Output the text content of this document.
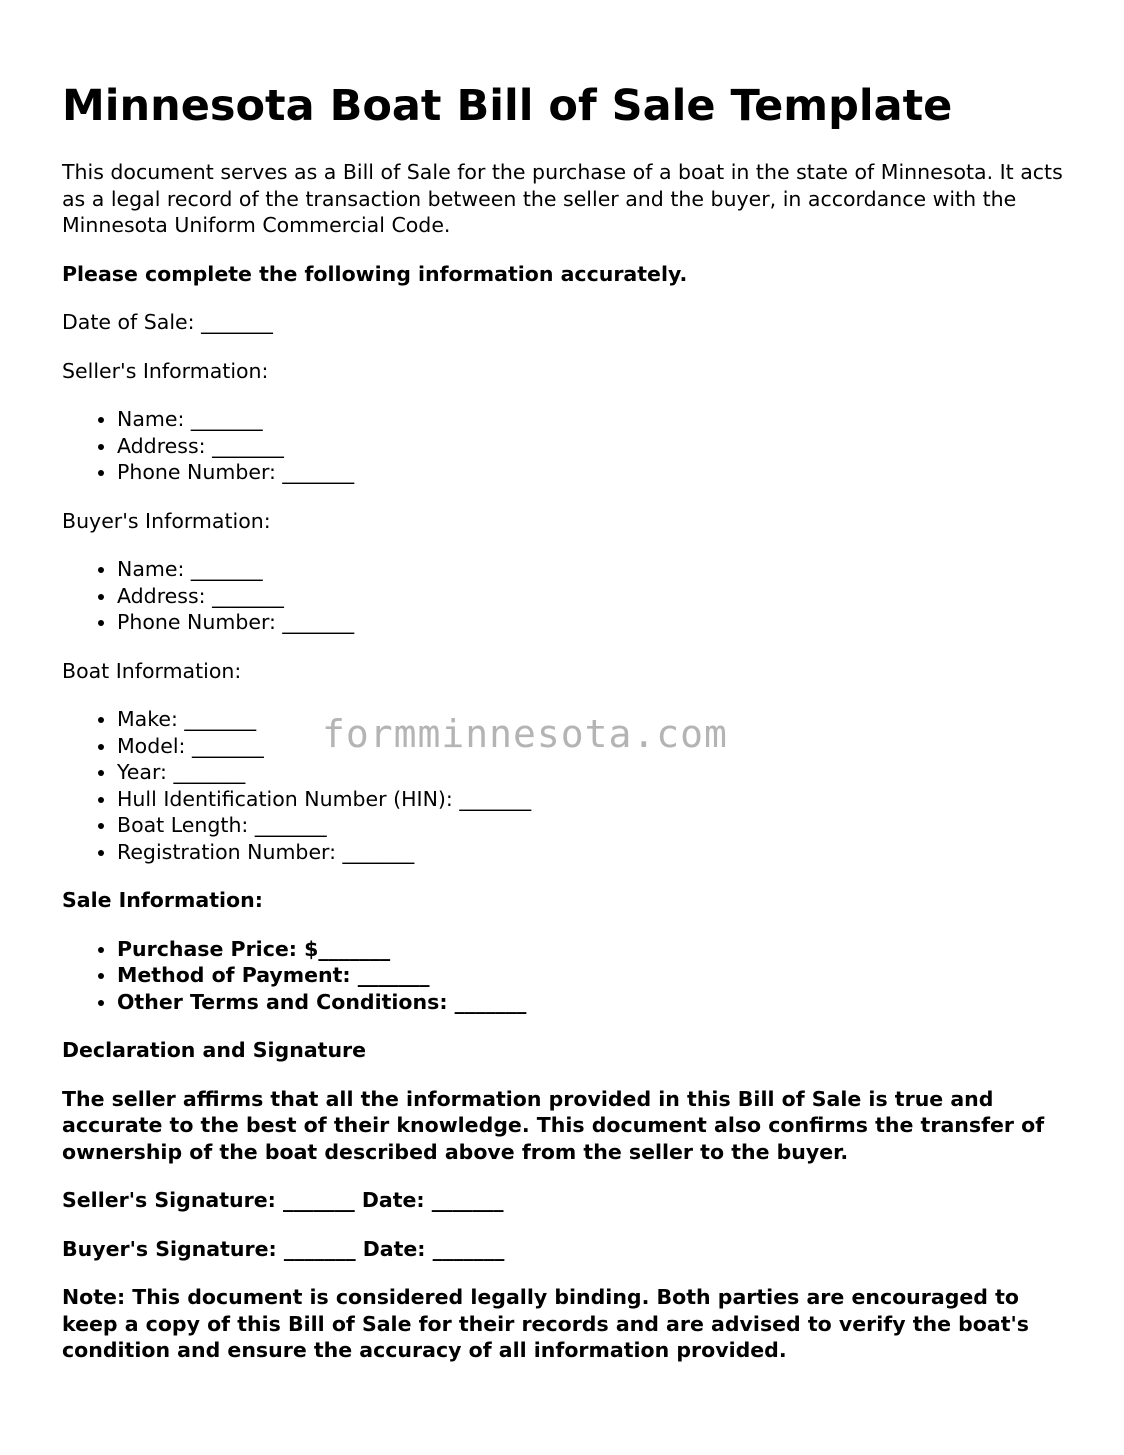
Minnesota Boat Bill of Sale Template

This document serves as a Bill of Sale for the purchase of a boat in the state of Minnesota. It acts as a legal record of the transaction between the seller and the buyer, in accordance with the Minnesota Uniform Commercial Code.

Please complete the following information accurately.

Date of Sale: _______

Seller's Information:

• Name: _______
• Address: _______
• Phone Number: _______

Buyer's Information:

• Name: _______
• Address: _______
• Phone Number: _______

Boat Information:

• Make: _______
• Model: _______
• Year: _______
• Hull Identification Number (HIN): _______
• Boat Length: _______
• Registration Number: _______

Sale Information:

• Purchase Price: $_______
• Method of Payment: _______
• Other Terms and Conditions: _______

Declaration and Signature

The seller affirms that all the information provided in this Bill of Sale is true and accurate to the best of their knowledge. This document also confirms the transfer of ownership of the boat described above from the seller to the buyer.

Seller's Signature: _______ Date: _______

Buyer's Signature: _______ Date: _______

Note: This document is considered legally binding. Both parties are encouraged to keep a copy of this Bill of Sale for their records and are advised to verify the boat's condition and ensure the accuracy of all information provided.

formminnesota.com
